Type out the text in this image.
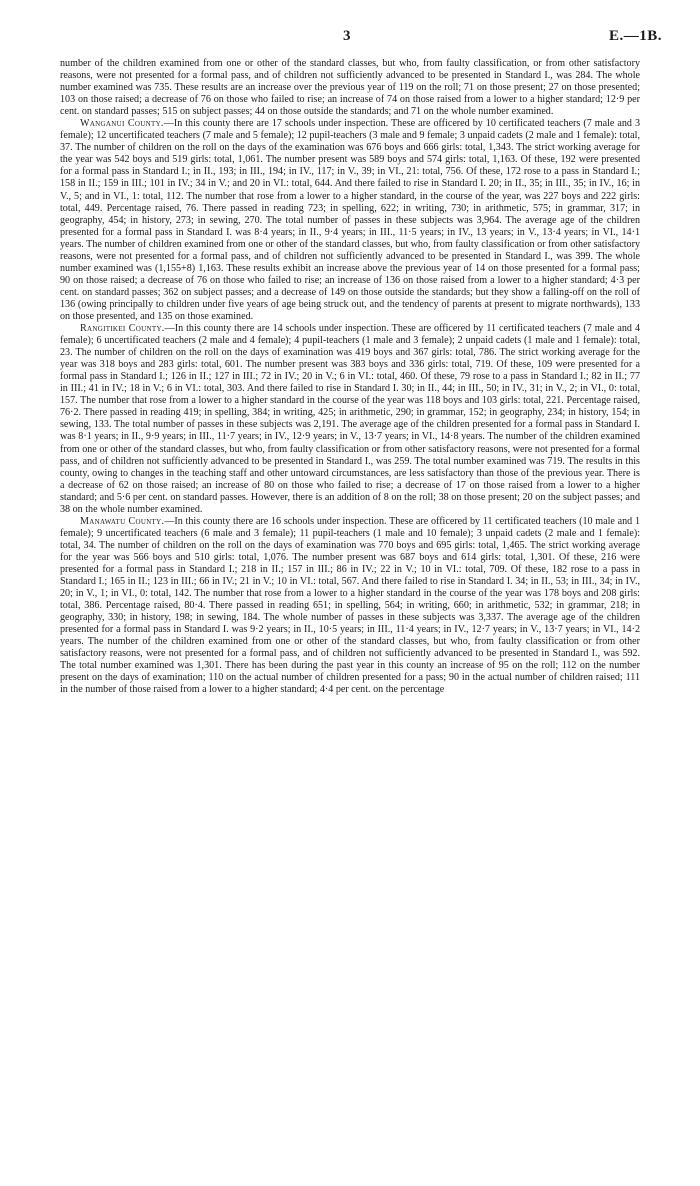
3	E.—1B.

number of the children examined from one or other of the standard classes, but who, from faulty classification, or from other satisfactory reasons, were not presented for a formal pass, and of children not sufficiently advanced to be presented in Standard I., was 284. The whole number examined was 735. These results are an increase over the previous year of 119 on the roll; 71 on those present; 27 on those presented; 103 on those raised; a decrease of 76 on those who failed to rise; an increase of 74 on those raised from a lower to a higher standard; 12·9 per cent. on standard passes; 515 on subject passes; 44 on those outside the standards; and 71 on the whole number examined.

Wanganui County.—In this county there are 17 schools under inspection. These are officered by 10 certificated teachers (7 male and 3 female); 12 uncertificated teachers (7 male and 5 female); 12 pupil-teachers (3 male and 9 female; 3 unpaid cadets (2 male and 1 female): total, 37. The number of children on the roll on the days of the examination was 676 boys and 666 girls: total, 1,343. The strict working average for the year was 542 boys and 519 girls: total, 1,061. The number present was 589 boys and 574 girls: total, 1,163. Of these, 192 were presented for a formal pass in Standard I.; in II., 193; in III., 194; in IV., 117; in V., 39; in VI., 21: total, 756. Of these, 172 rose to a pass in Standard I.; 158 in II.; 159 in III.; 101 in IV.; 34 in V.; and 20 in VI.: total, 644. And there failed to rise in Standard I. 20; in II., 35; in III., 35; in IV., 16; in V., 5; and in VI., 1: total, 112. The number that rose from a lower to a higher standard, in the course of the year, was 227 boys and 222 girls: total, 449. Percentage raised, 76. There passed in reading 723; in spelling, 622; in writing, 730; in arithmetic, 575; in grammar, 317; in geography, 454; in history, 273; in sewing, 270. The total number of passes in these subjects was 3,964. The average age of the children presented for a formal pass in Standard I. was 8·4 years; in II., 9·4 years; in III., 11·5 years; in IV., 13 years; in V., 13·4 years; in VI., 14·1 years. The number of children examined from one or other of the standard classes, but who, from faulty classification or from other satisfactory reasons, were not presented for a formal pass, and of children not sufficiently advanced to be presented in Standard I., was 399. The whole number examined was (1,155+8) 1,163. These results exhibit an increase above the previous year of 14 on those presented for a formal pass; 90 on those raised; a decrease of 76 on those who failed to rise; an increase of 136 on those raised from a lower to a higher standard; 4·3 per cent. on standard passes; 362 on subject passes; and a decrease of 149 on those outside the standards; but they show a falling-off on the roll of 136 (owing principally to children under five years of age being struck out, and the tendency of parents at present to migrate northwards), 133 on those presented, and 135 on those examined.

Rangitikei County.—In this county there are 14 schools under inspection. These are officered by 11 certificated teachers (7 male and 4 female); 6 uncertificated teachers (2 male and 4 female); 4 pupil-teachers (1 male and 3 female); 2 unpaid cadets (1 male and 1 female): total, 23. The number of children on the roll on the days of examination was 419 boys and 367 girls: total, 786. The strict working average for the year was 318 boys and 283 girls: total, 601. The number present was 383 boys and 336 girls: total, 719. Of these, 109 were presented for a formal pass in Standard I.; 126 in II.; 127 in III.; 72 in IV.; 20 in V.; 6 in VI.: total, 460. Of these, 79 rose to a pass in Standard I.; 82 in II.; 77 in III.; 41 in IV.; 18 in V.; 6 in VI.: total, 303. And there failed to rise in Standard I. 30; in II., 44; in III., 50; in IV., 31; in V., 2; in VI., 0: total, 157. The number that rose from a lower to a higher standard in the course of the year was 118 boys and 103 girls: total, 221. Percentage raised, 76·2. There passed in reading 419; in spelling, 384; in writing, 425; in arithmetic, 290; in grammar, 152; in geography, 234; in history, 154; in sewing, 133. The total number of passes in these subjects was 2,191. The average age of the children presented for a formal pass in Standard I. was 8·1 years; in II., 9·9 years; in III., 11·7 years; in IV., 12·9 years; in V., 13·7 years; in VI., 14·8 years. The number of the children examined from one or other of the standard classes, but who, from faulty classification or from other satisfactory reasons, were not presented for a formal pass, and of children not sufficiently advanced to be presented in Standard I., was 259. The total number examined was 719. The results in this county, owing to changes in the teaching staff and other untoward circumstances, are less satisfactory than those of the previous year. There is a decrease of 62 on those raised; an increase of 80 on those who failed to rise; a decrease of 17 on those raised from a lower to a higher standard; and 5·6 per cent. on standard passes. However, there is an addition of 8 on the roll; 38 on those present; 20 on the subject passes; and 38 on the whole number examined.

Manawatu County.—In this county there are 16 schools under inspection. These are officered by 11 certificated teachers (10 male and 1 female); 9 uncertificated teachers (6 male and 3 female); 11 pupil-teachers (1 male and 10 female); 3 unpaid cadets (2 male and 1 female): total, 34. The number of children on the roll on the days of examination was 770 boys and 695 girls: total, 1,465. The strict working average for the year was 566 boys and 510 girls: total, 1,076. The number present was 687 boys and 614 girls: total, 1,301. Of these, 216 were presented for a formal pass in Standard I.; 218 in II.; 157 in III.; 86 in IV.; 22 in V.; 10 in VI.: total, 709. Of these, 182 rose to a pass in Standard I.; 165 in II.; 123 in III.; 66 in IV.; 21 in V.; 10 in VI.: total, 567. And there failed to rise in Standard I. 34; in II., 53; in III., 34; in IV., 20; in V., 1; in VI., 0: total, 142. The number that rose from a lower to a higher standard in the course of the year was 178 boys and 208 girls: total, 386. Percentage raised, 80·4. There passed in reading 651; in spelling, 564; in writing, 660; in arithmetic, 532; in grammar, 218; in geography, 330; in history, 198; in sewing, 184. The whole number of passes in these subjects was 3,337. The average age of the children presented for a formal pass in Standard I. was 9·2 years; in II., 10·5 years; in III., 11·4 years; in IV., 12·7 years; in V., 13·7 years; in VI., 14·2 years. The number of the children examined from one or other of the standard classes, but who, from faulty classification or from other satisfactory reasons, were not presented for a formal pass, and of children not sufficiently advanced to be presented in Standard I., was 592. The total number examined was 1,301. There has been during the past year in this county an increase of 95 on the roll; 112 on the number present on the days of examination; 110 on the actual number of children presented for a pass; 90 in the actual number of children raised; 111 in the number of those raised from a lower to a higher standard; 4·4 per cent. on the percentage
